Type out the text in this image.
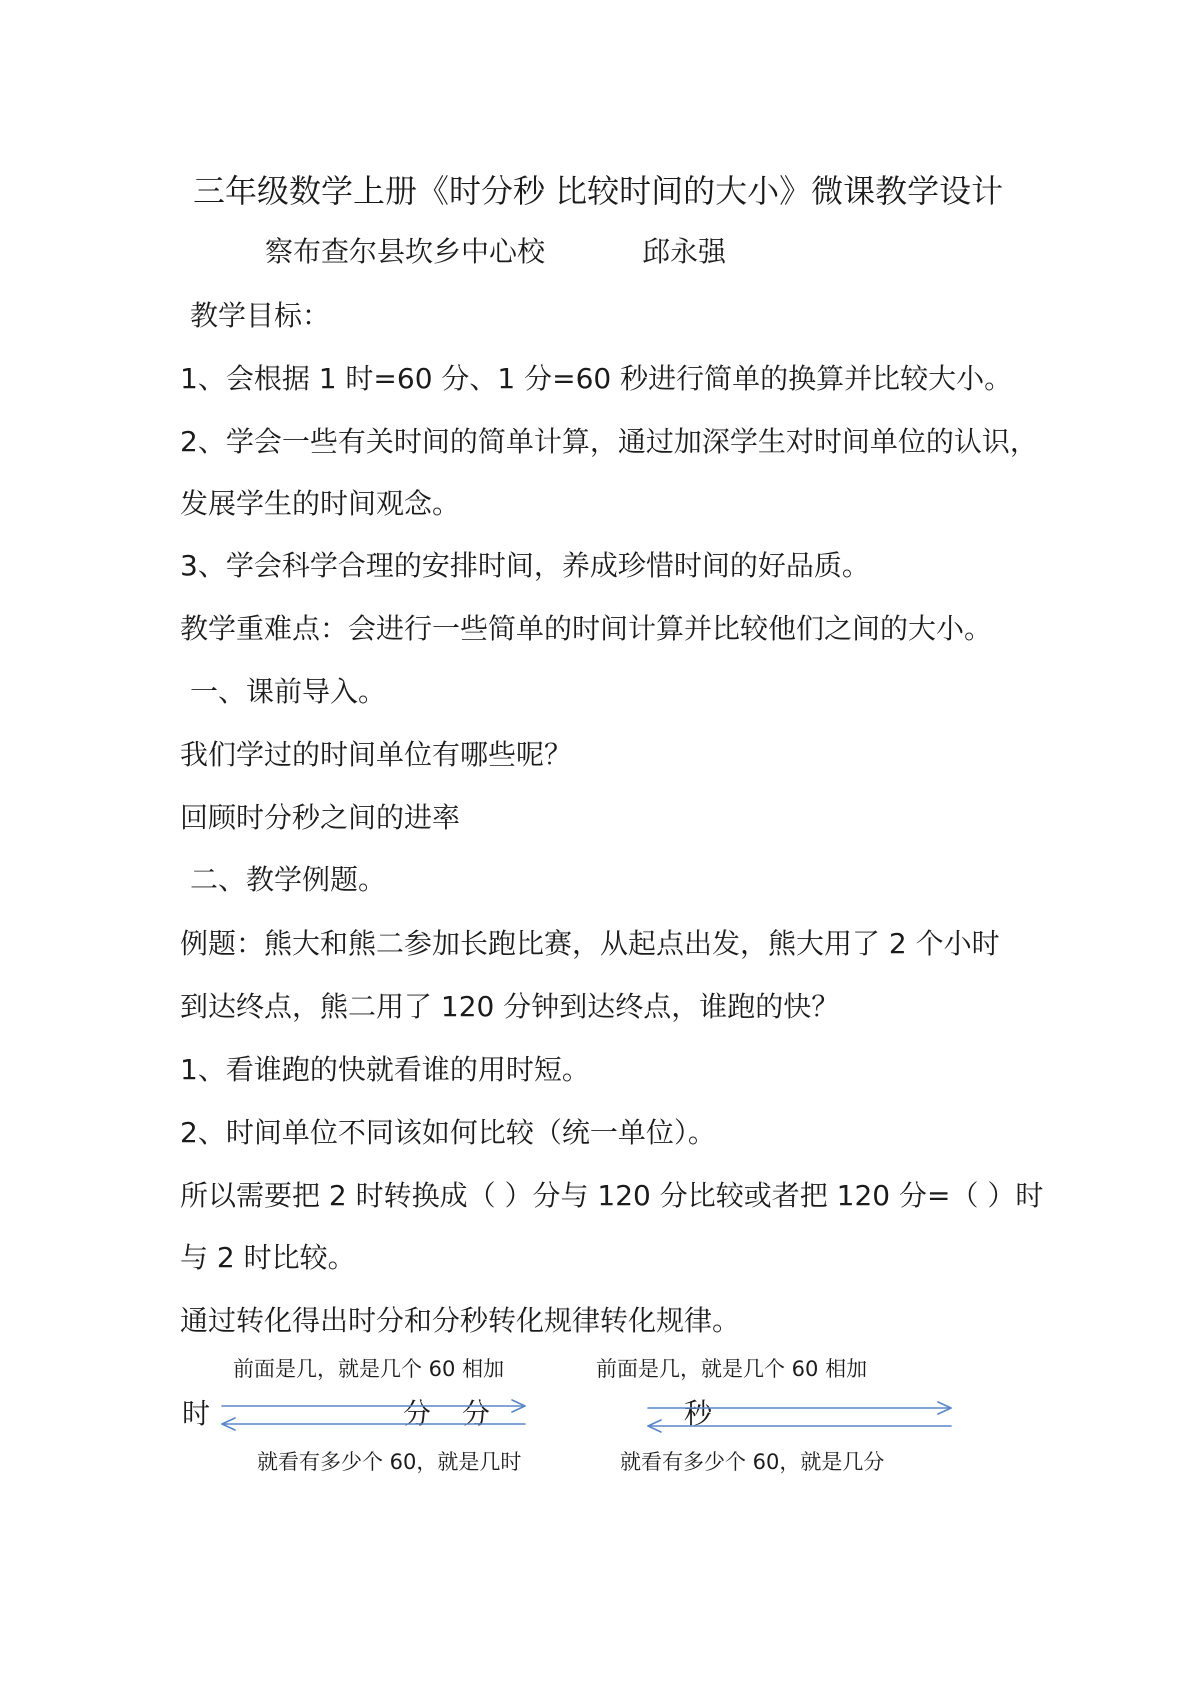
三年级数学上册《时分秒 比较时间的大小》微课教学设计
察布查尔县坎乡中心校	邱永强
教学目标：
1、会根据 1 时=60 分、1 分=60 秒进行简单的换算并比较大小。
2、学会一些有关时间的简单计算，通过加深学生对时间单位的认识，
发展学生的时间观念。
3、学会科学合理的安排时间，养成珍惜时间的好品质。
教学重难点：会进行一些简单的时间计算并比较他们之间的大小。
一、课前导入。
我们学过的时间单位有哪些呢？
回顾时分秒之间的进率
二、教学例题。
例题：熊大和熊二参加长跑比赛，从起点出发，熊大用了 2 个小时
到达终点，熊二用了 120 分钟到达终点，谁跑的快？
1、看谁跑的快就看谁的用时短。
2、时间单位不同该如何比较（统一单位）。
所以需要把 2 时转换成（ ）分与 120 分比较或者把 120 分=（ ）时
与 2 时比较。
通过转化得出时分和分秒转化规律转化规律。
前面是几，就是几个 60 相加	前面是几，就是几个 60 相加
时	分 分	秒
就看有多少个 60，就是几时	就看有多少个 60，就是几分
